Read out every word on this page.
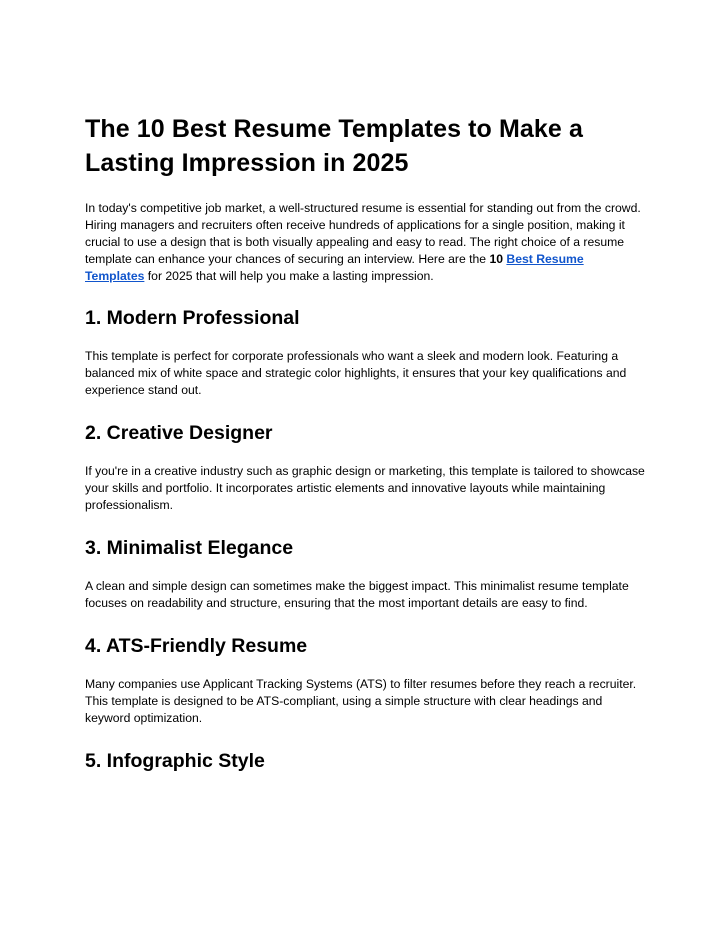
The 10 Best Resume Templates to Make a Lasting Impression in 2025

In today's competitive job market, a well-structured resume is essential for standing out from the crowd. Hiring managers and recruiters often receive hundreds of applications for a single position, making it crucial to use a design that is both visually appealing and easy to read. The right choice of a resume template can enhance your chances of securing an interview. Here are the 10 Best Resume Templates for 2025 that will help you make a lasting impression.

1. Modern Professional

This template is perfect for corporate professionals who want a sleek and modern look. Featuring a balanced mix of white space and strategic color highlights, it ensures that your key qualifications and experience stand out.

2. Creative Designer

If you're in a creative industry such as graphic design or marketing, this template is tailored to showcase your skills and portfolio. It incorporates artistic elements and innovative layouts while maintaining professionalism.

3. Minimalist Elegance

A clean and simple design can sometimes make the biggest impact. This minimalist resume template focuses on readability and structure, ensuring that the most important details are easy to find.

4. ATS-Friendly Resume

Many companies use Applicant Tracking Systems (ATS) to filter resumes before they reach a recruiter. This template is designed to be ATS-compliant, using a simple structure with clear headings and keyword optimization.

5. Infographic Style
